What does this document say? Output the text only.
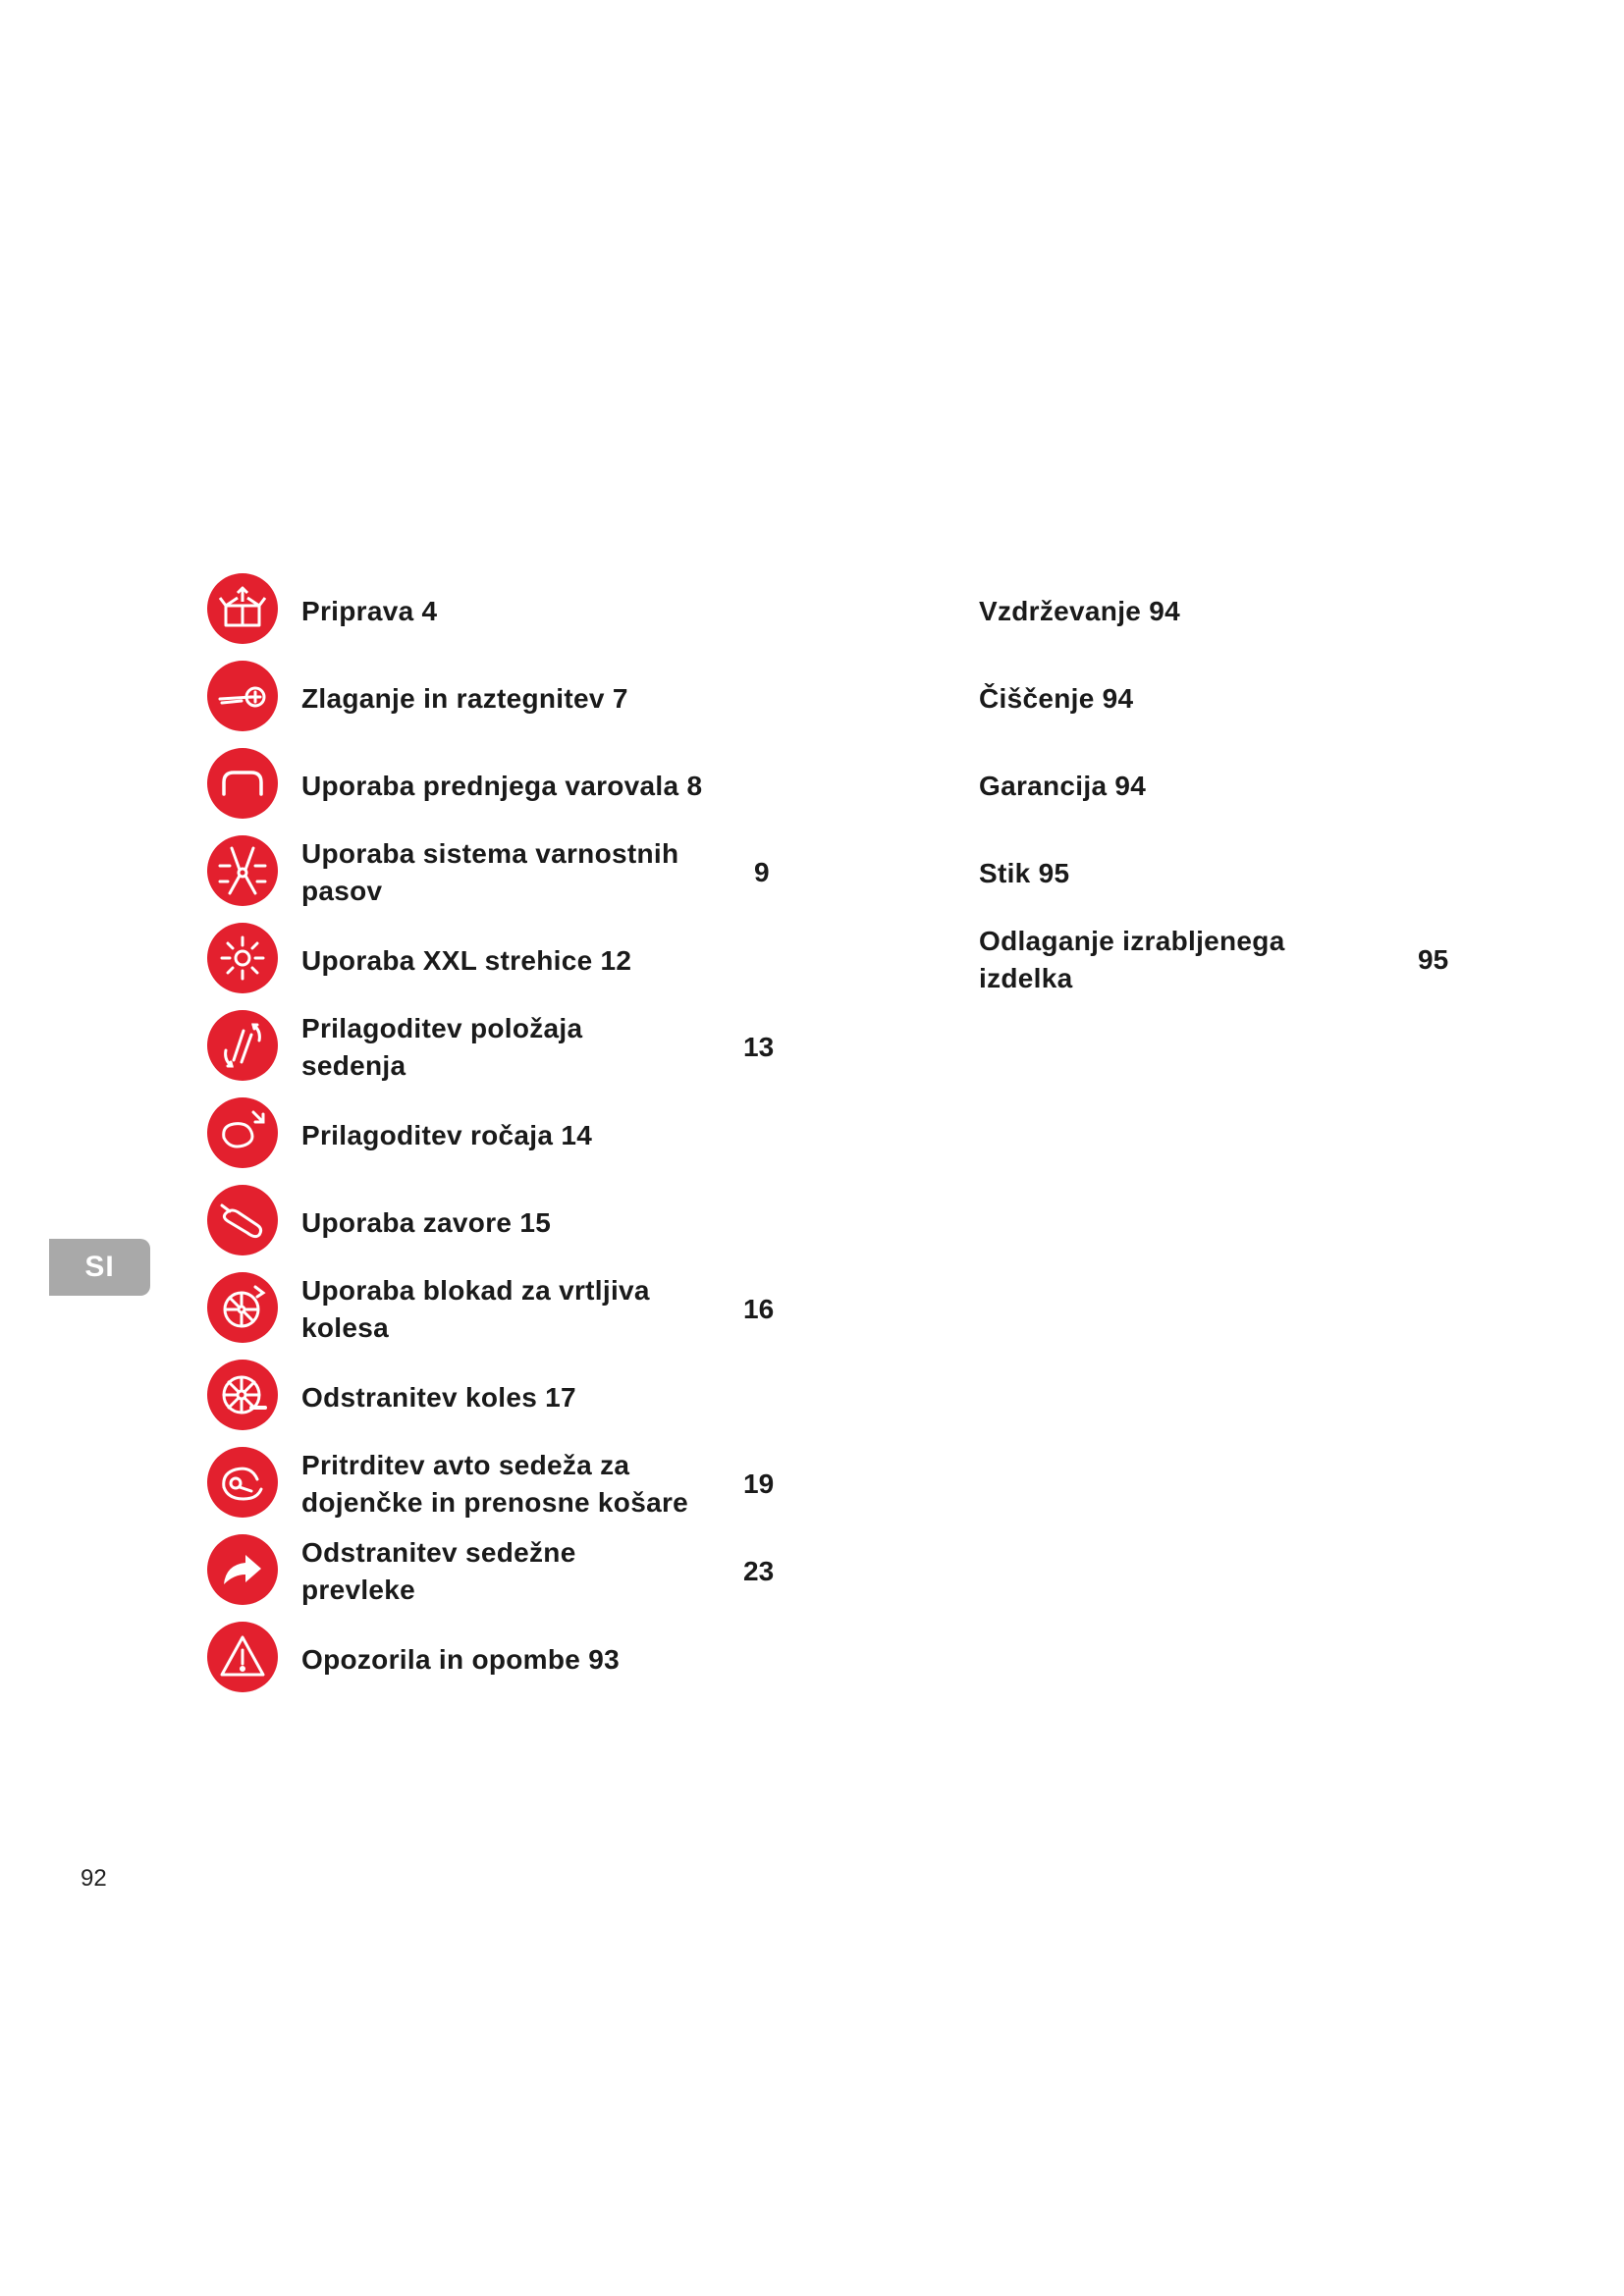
Priprava 4
Zlaganje in raztegnitev 7
Uporaba prednjega varovala 8
Uporaba sistema varnostnih pasov
9
Uporaba XXL strehice 12
Prilagoditev položaja sedenja
13
Prilagoditev ročaja 14
Uporaba zavore 15
Uporaba blokad za vrtljiva kolesa
16
Odstranitev koles 17
Pritrditev avto sedeža za dojenčke in prenosne košare
19
Odstranitev sedežne prevleke
23
Opozorila in opombe 93
Vzdrževanje 94
Čiščenje 94
Garancija 94
Stik 95
Odlaganje izrabljenega izdelka
95
SI
92
